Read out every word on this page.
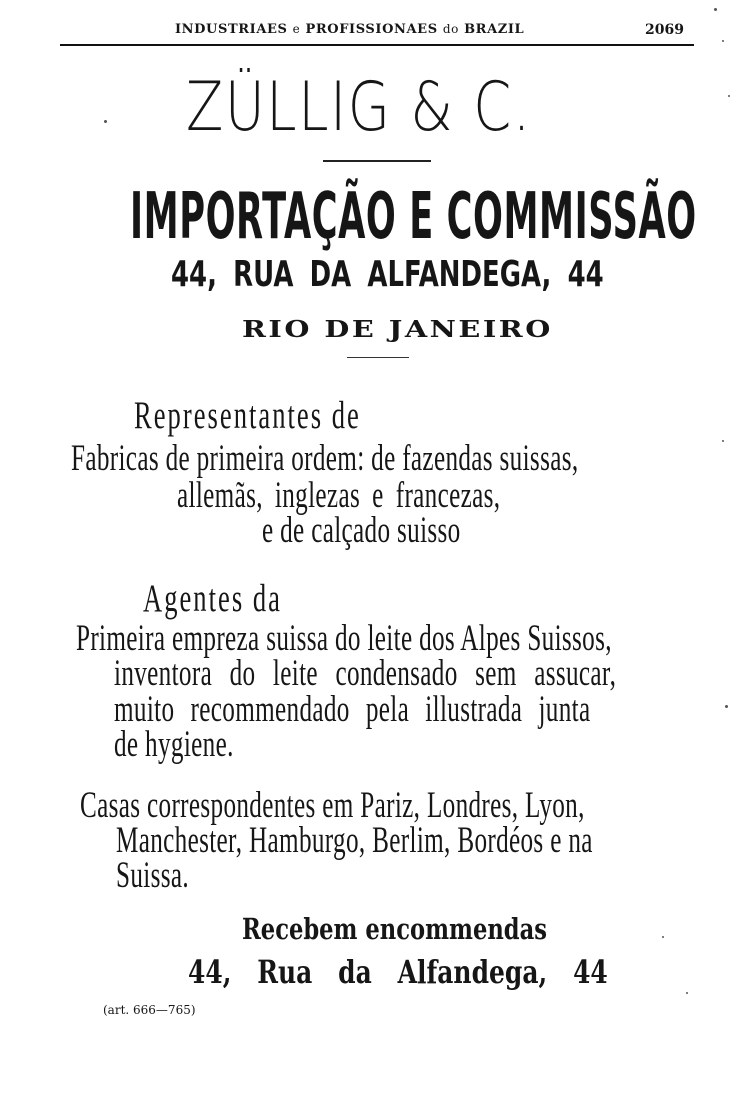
INDUSTRIAES e PROFISSIONAES do BRAZIL	2069
ZÜLLIG & C.
IMPORTAÇÃO E COMMISSÃO
44, RUA DA ALFANDEGA, 44
RIO DE JANEIRO
Representantes de
Fabricas de primeira ordem: de fazendas suissas,
allemãs, inglezas e francezas,
e de calçado suisso
Agentes da
Primeira empreza suissa do leite dos Alpes Suissos,
inventora do leite condensado sem assucar,
muito recommendado pela illustrada junta
de hygiene.
Casas correspondentes em Pariz, Londres, Lyon,
Manchester, Hamburgo, Berlim, Bordéos e na
Suissa.
Recebem encommendas
44, Rua da Alfandega, 44
(art. 666—765)
